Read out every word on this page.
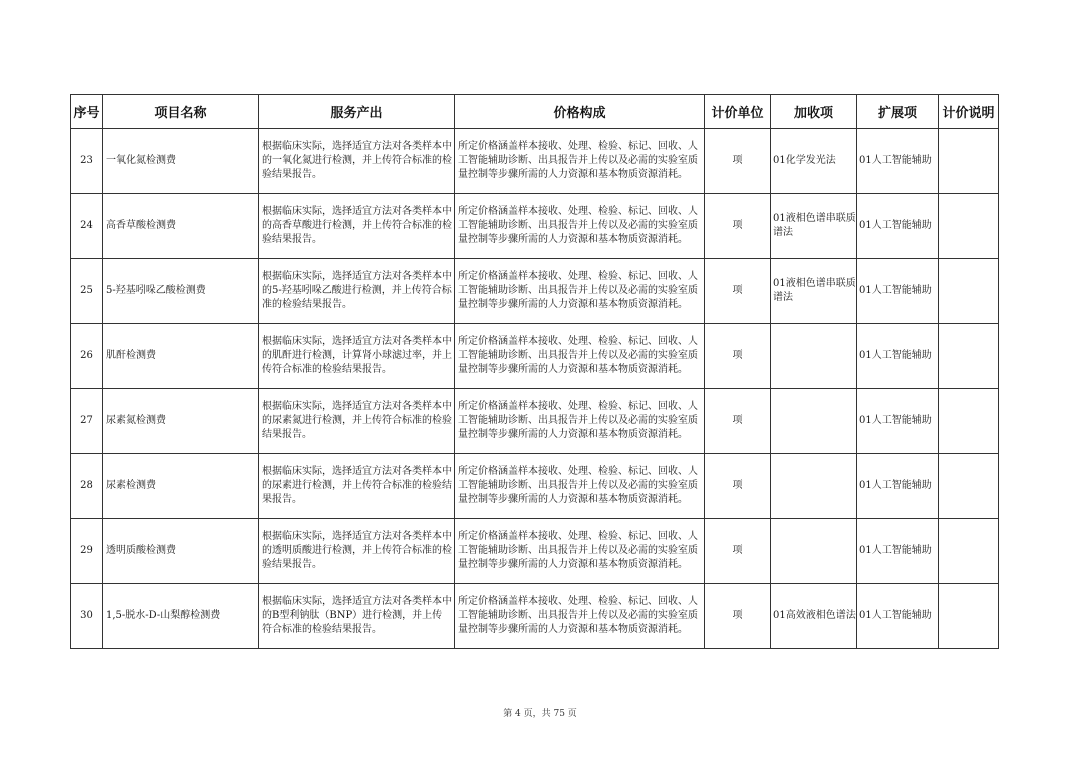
序号	项目名称	服务产出	价格构成	计价单位	加收项	扩展项	计价说明

23	一氧化氮检测费	根据临床实际，选择适宜方法对各类样本中的一氧化氮进行检测，并上传符合标准的检验结果报告。	所定价格涵盖样本接收、处理、检验、标记、回收、人工智能辅助诊断、出具报告并上传以及必需的实验室质量控制等步骤所需的人力资源和基本物质资源消耗。	项	01化学发光法	01人工智能辅助	

24	高香草酸检测费	根据临床实际，选择适宜方法对各类样本中的高香草酸进行检测，并上传符合标准的检验结果报告。	所定价格涵盖样本接收、处理、检验、标记、回收、人工智能辅助诊断、出具报告并上传以及必需的实验室质量控制等步骤所需的人力资源和基本物质资源消耗。	项	01液相色谱串联质谱法	01人工智能辅助	

25	5-羟基吲哚乙酸检测费	根据临床实际，选择适宜方法对各类样本中的5-羟基吲哚乙酸进行检测，并上传符合标准的检验结果报告。	所定价格涵盖样本接收、处理、检验、标记、回收、人工智能辅助诊断、出具报告并上传以及必需的实验室质量控制等步骤所需的人力资源和基本物质资源消耗。	项	01液相色谱串联质谱法	01人工智能辅助	

26	肌酐检测费	根据临床实际，选择适宜方法对各类样本中的肌酐进行检测，计算肾小球滤过率，并上传符合标准的检验结果报告。	所定价格涵盖样本接收、处理、检验、标记、回收、人工智能辅助诊断、出具报告并上传以及必需的实验室质量控制等步骤所需的人力资源和基本物质资源消耗。	项		01人工智能辅助	

27	尿素氮检测费	根据临床实际，选择适宜方法对各类样本中的尿素氮进行检测，并上传符合标准的检验结果报告。	所定价格涵盖样本接收、处理、检验、标记、回收、人工智能辅助诊断、出具报告并上传以及必需的实验室质量控制等步骤所需的人力资源和基本物质资源消耗。	项		01人工智能辅助	

28	尿素检测费	根据临床实际，选择适宜方法对各类样本中的尿素进行检测，并上传符合标准的检验结果报告。	所定价格涵盖样本接收、处理、检验、标记、回收、人工智能辅助诊断、出具报告并上传以及必需的实验室质量控制等步骤所需的人力资源和基本物质资源消耗。	项		01人工智能辅助	

29	透明质酸检测费	根据临床实际，选择适宜方法对各类样本中的透明质酸进行检测，并上传符合标准的检验结果报告。	所定价格涵盖样本接收、处理、检验、标记、回收、人工智能辅助诊断、出具报告并上传以及必需的实验室质量控制等步骤所需的人力资源和基本物质资源消耗。	项		01人工智能辅助	

30	1,5-脱水-D-山梨醇检测费	根据临床实际，选择适宜方法对各类样本中的B型利钠肽（BNP）进行检测，并上传符合标准的检验结果报告。	所定价格涵盖样本接收、处理、检验、标记、回收、人工智能辅助诊断、出具报告并上传以及必需的实验室质量控制等步骤所需的人力资源和基本物质资源消耗。	项	01高效液相色谱法	01人工智能辅助	

第 4 页，共 75 页
